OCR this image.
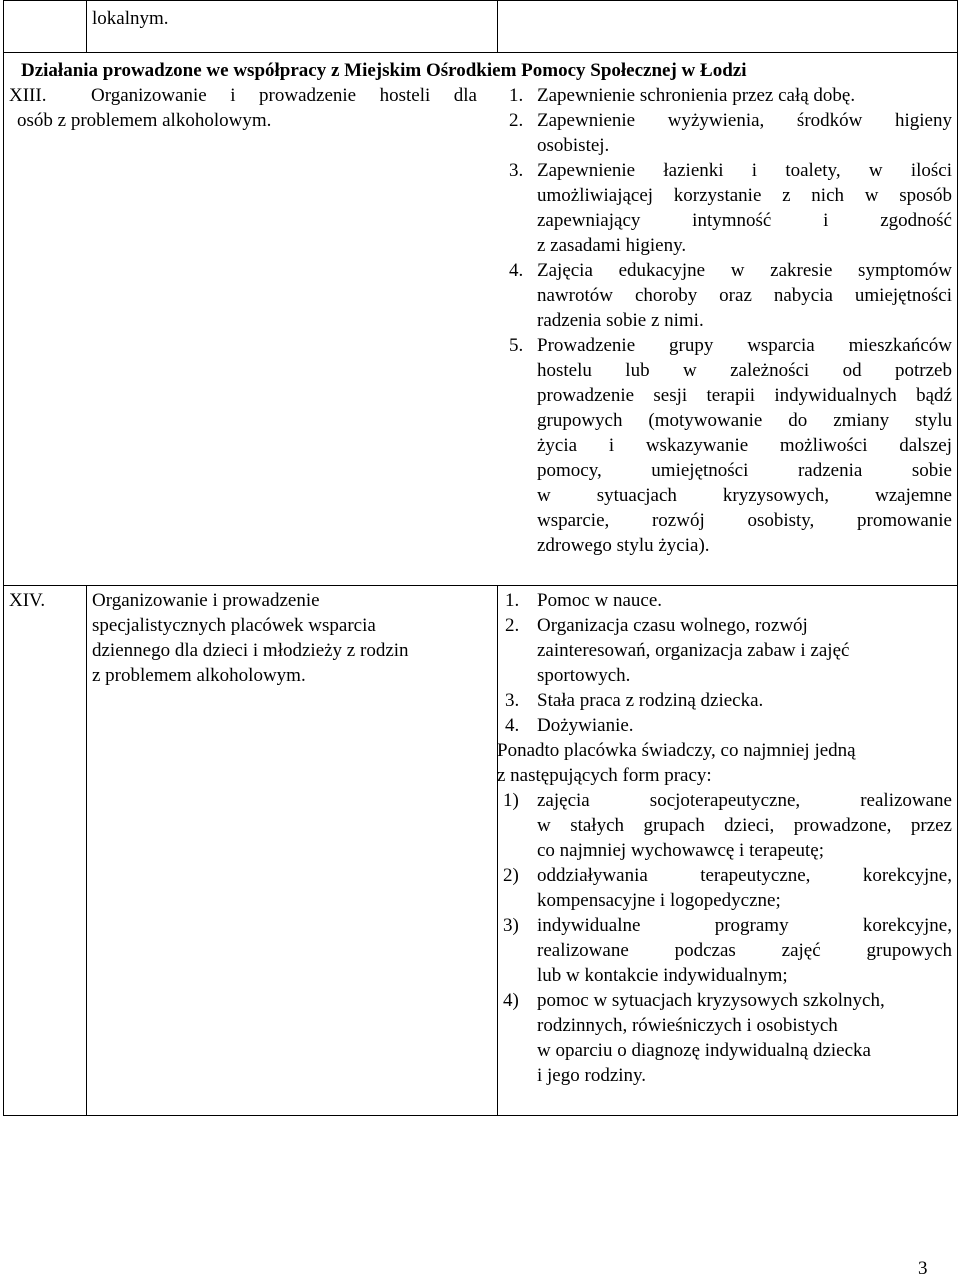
lokalnym.
Działania prowadzone we współpracy z Miejskim Ośrodkiem Pomocy Społecznej w Łodzi
XIII. Organizowanie i prowadzenie hosteli dla
osób z problemem alkoholowym.
1. Zapewnienie schronienia przez całą dobę.
2. Zapewnienie wyżywienia, środków higieny
osobistej.
3. Zapewnienie łazienki i toalety, w ilości
umożliwiającej korzystanie z nich w sposób
zapewniający intymność i zgodność
z zasadami higieny.
4. Zajęcia edukacyjne w zakresie symptomów
nawrotów choroby oraz nabycia umiejętności
radzenia sobie z nimi.
5. Prowadzenie grupy wsparcia mieszkańców
hostelu lub w zależności od potrzeb
prowadzenie sesji terapii indywidualnych bądź
grupowych (motywowanie do zmiany stylu
życia i wskazywanie możliwości dalszej
pomocy, umiejętności radzenia sobie
w sytuacjach kryzysowych, wzajemne
wsparcie, rozwój osobisty, promowanie
zdrowego stylu życia).
XIV. Organizowanie i prowadzenie
specjalistycznych placówek wsparcia
dziennego dla dzieci i młodzieży z rodzin
z problemem alkoholowym.
1. Pomoc w nauce.
2. Organizacja czasu wolnego, rozwój
zainteresowań, organizacja zabaw i zajęć
sportowych.
3. Stała praca z rodziną dziecka.
4. Dożywianie.
Ponadto placówka świadczy, co najmniej jedną
z następujących form pracy:
1) zajęcia socjoterapeutyczne, realizowane
w stałych grupach dzieci, prowadzone, przez
co najmniej wychowawcę i terapeutę;
2) oddziaływania terapeutyczne, korekcyjne,
kompensacyjne i logopedyczne;
3) indywidualne programy korekcyjne,
realizowane podczas zajęć grupowych
lub w kontakcie indywidualnym;
4) pomoc w sytuacjach kryzysowych szkolnych,
rodzinnych, rówieśniczych i osobistych
w oparciu o diagnozę indywidualną dziecka
i jego rodziny.
3
